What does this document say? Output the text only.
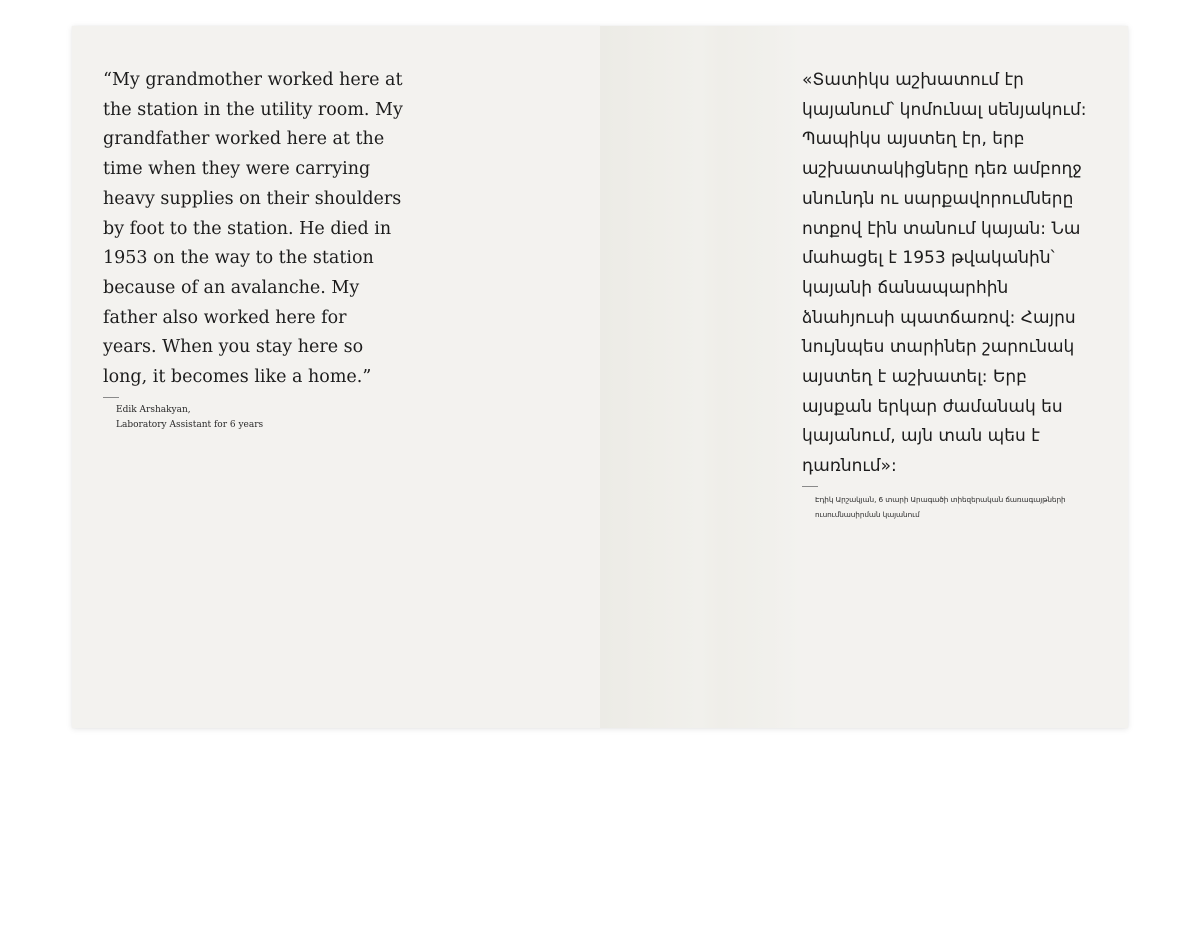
“My grandmother worked here at the station in the utility room. My grandfather worked here at the time when they were carrying heavy supplies on their shoulders by foot to the station. He died in 1953 on the way to the station because of an avalanche. My father also worked here for years. When you stay here so long, it becomes like a home.”

Edik Arshakyan,
Laboratory Assistant for 6 years

«Տատիկս աշխատում էր կայանում՝ կոմունալ սենյակում: Պապիկս այստեղ էր, երբ աշխատակիցները դեռ ամբողջ սնունդն ու սարքավորումները ոտքով էին տանում կայան: Նա մահացել է 1953 թվականին՝ կայանի ճանապարհին ձնահյուսի պատճառով: Հայրս նույնպես տարիներ շարունակ այստեղ է աշխատել: Երբ այսքան երկար ժամանակ ես կայանում, այն տան պես է դառնում»:

Էդիկ Արշակյան, 6 տարի Արագածի տիեզերական ճառագայթների
ուսումնասիրման կայանում
